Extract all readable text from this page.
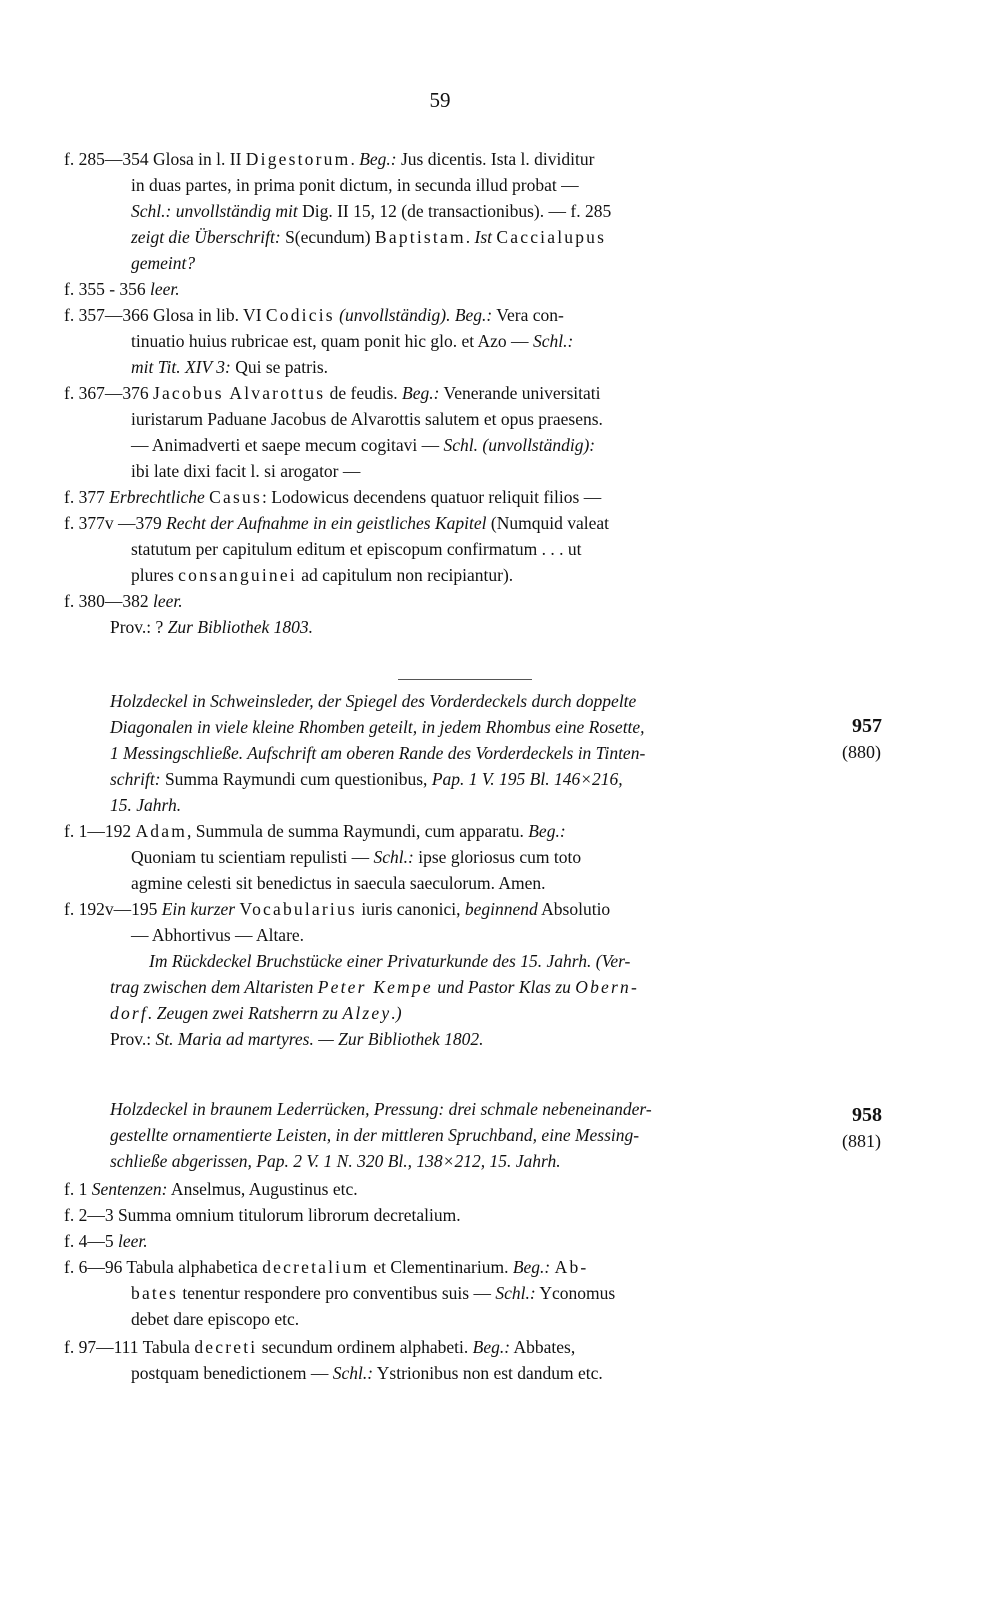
59
f. 285—354 Glosa in l. II Digestorum. Beg.: Jus dicentis. Ista l. dividitur
in duas partes, in prima ponit dictum, in secunda illud probat —
Schl.: unvollständig mit Dig. II 15, 12 (de transactionibus). — f. 285
zeigt die Überschrift: S(ecundum) Baptistam. Ist Caccialupus
gemeint?
f. 355 - 356 leer.
f. 357—366 Glosa in lib. VI Codicis (unvollständig). Beg.: Vera con-
tinuatio huius rubricae est, quam ponit hic glo. et Azo — Schl.:
mit Tit. XIV 3: Qui se patris.
f. 367—376 Jacobus Alvarottus de feudis. Beg.: Venerande universitati
iuristarum Paduane Jacobus de Alvarottis salutem et opus praesens.
— Animadverti et saepe mecum cogitavi — Schl. (unvollständig):
ibi late dixi facit l. si arogator —
f. 377 Erbrechtliche Casus: Lodowicus decendens quatuor reliquit filios —
f. 377v —379 Recht der Aufnahme in ein geistliches Kapitel (Numquid valeat
statutum per capitulum editum et episcopum confirmatum . . . ut
plures consanguinei ad capitulum non recipiantur).
f. 380—382 leer.
Prov.: ? Zur Bibliothek 1803.
Holzdeckel in Schweinsleder, der Spiegel des Vorderdeckels durch doppelte
Diagonalen in viele kleine Rhomben geteilt, in jedem Rhombus eine Rosette,
1 Messingschließe. Aufschrift am oberen Rande des Vorderdeckels in Tinten-
schrift: Summa Raymundi cum questionibus, Pap. 1 V. 195 Bl. 146×216,
15. Jahrh.
f. 1—192 Adam, Summula de summa Raymundi, cum apparatu. Beg.:
Quoniam tu scientiam repulisti — Schl.: ipse gloriosus cum toto
agmine celesti sit benedictus in saecula saeculorum. Amen.
f. 192v—195 Ein kurzer Vocabularius iuris canonici, beginnend Absolutio
— Abhortivus — Altare.
Im Rückdeckel Bruchstücke einer Privaturkunde des 15. Jahrh. (Ver-
trag zwischen dem Altaristen Peter Kempe und Pastor Klas zu Obern-
dorf. Zeugen zwei Ratsherrn zu Alzey.)
Prov.: St. Maria ad martyres. — Zur Bibliothek 1802.
Holzdeckel in braunem Lederrücken, Pressung: drei schmale nebeneinander-
gestellte ornamentierte Leisten, in der mittleren Spruchband, eine Messing-
schließe abgerissen, Pap. 2 V. 1 N. 320 Bl., 138×212, 15. Jahrh.
f. 1 Sentenzen: Anselmus, Augustinus etc.
f. 2—3 Summa omnium titulorum librorum decretalium.
f. 4—5 leer.
f. 6—96 Tabula alphabetica decretalium et Clementinarium. Beg.: Ab-
bates tenentur respondere pro conventibus suis — Schl.: Yconomus
debet dare episcopo etc.
f. 97—111 Tabula decreti secundum ordinem alphabeti. Beg.: Abbates,
postquam benedictionem — Schl.: Ystrionibus non est dandum etc.
957
(880)
958
(881)
